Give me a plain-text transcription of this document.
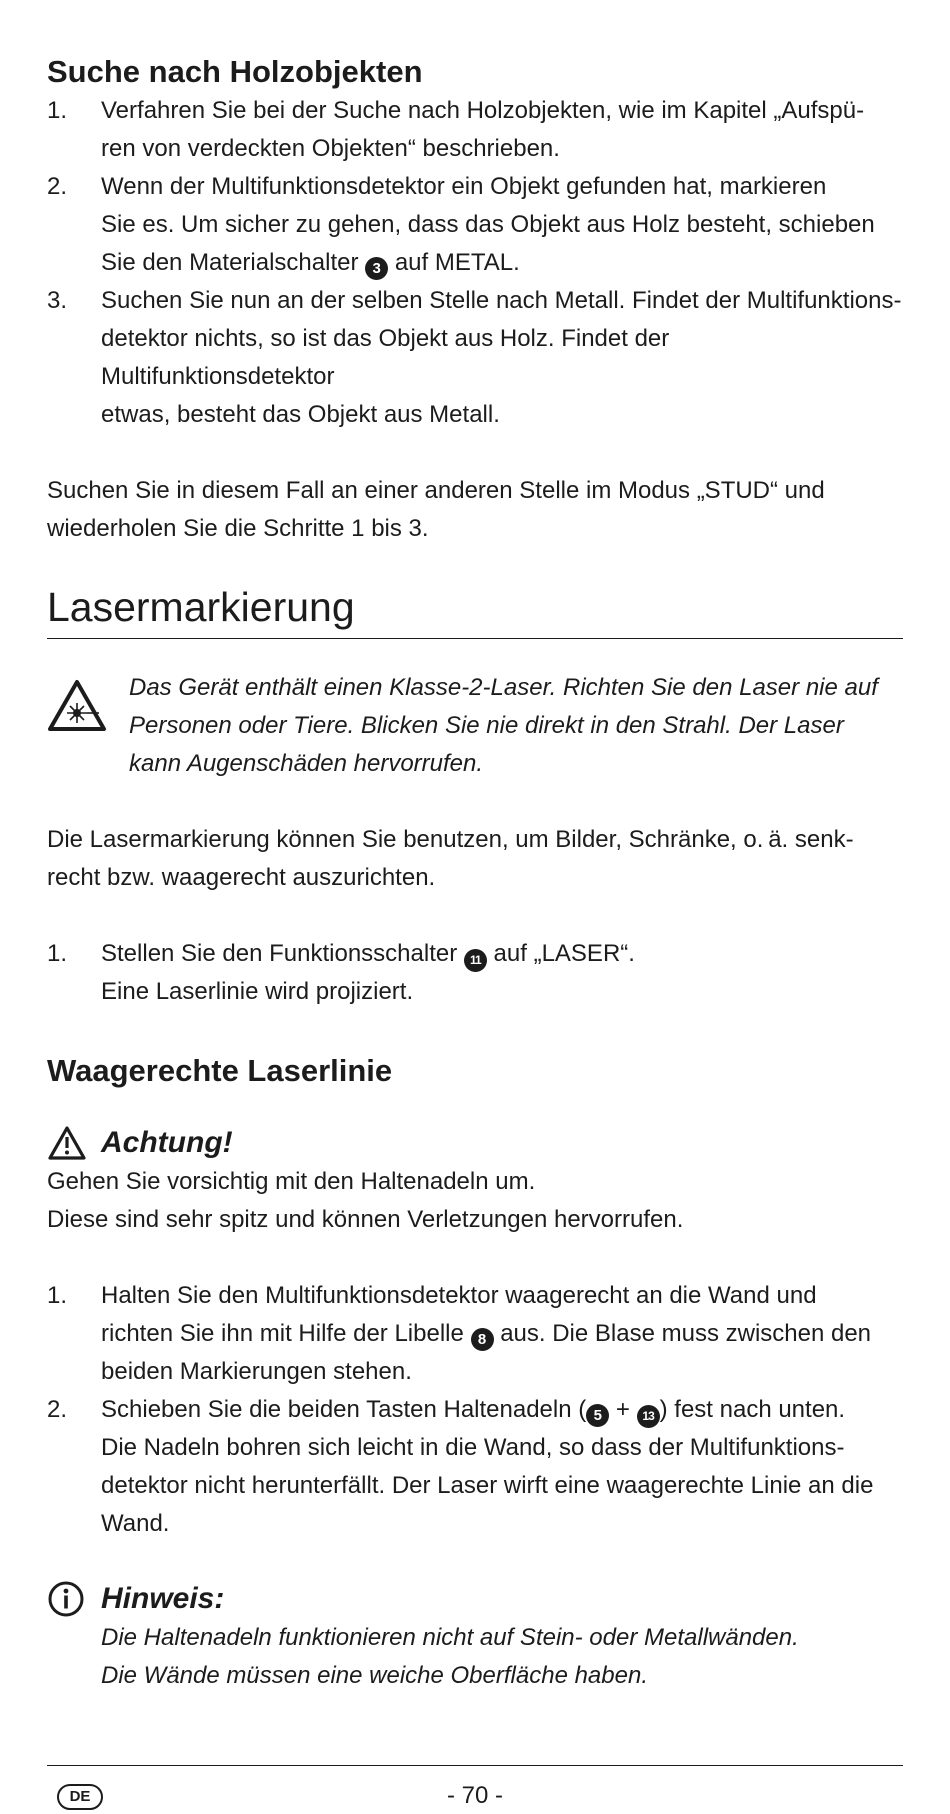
Suche nach Holzobjekten
1.	Verfahren Sie bei der Suche nach Holzobjekten, wie im Kapitel „Aufspü-
ren von verdeckten Objekten“ beschrieben.
2.	Wenn der Multifunktionsdetektor ein Objekt gefunden hat, markieren
Sie es. Um sicher zu gehen, dass das Objekt aus Holz besteht, schieben
Sie den Materialschalter 3 auf METAL.
3.	Suchen Sie nun an der selben Stelle nach Metall. Findet der Multifunktions-
detektor nichts, so ist das Objekt aus Holz. Findet der Multifunktionsdetektor
etwas, besteht das Objekt aus Metall.

Suchen Sie in diesem Fall an einer anderen Stelle im Modus „STUD“ und
wiederholen Sie die Schritte 1 bis 3.

Lasermarkierung
Das Gerät enthält einen Klasse-2-Laser. Richten Sie den Laser nie auf
Personen oder Tiere. Blicken Sie nie direkt in den Strahl. Der Laser
kann Augenschäden hervorrufen.

Die Lasermarkierung können Sie benutzen, um Bilder, Schränke, o. ä. senk-
recht bzw. waagerecht auszurichten.

1.	Stellen Sie den Funktionsschalter 11 auf „LASER“.
Eine Laserlinie wird projiziert.
Waagerechte Laserlinie
Achtung!

Gehen Sie vorsichtig mit den Haltenadeln um.
Diese sind sehr spitz und können Verletzungen hervorrufen.

1.	Halten Sie den Multifunktionsdetektor waagerecht an die Wand und
richten Sie ihn mit Hilfe der Libelle 8 aus. Die Blase muss zwischen den
beiden Markierungen stehen.
2.	Schieben Sie die beiden Tasten Haltenadeln ( 5 + 13 ) fest nach unten.
Die Nadeln bohren sich leicht in die Wand, so dass der Multifunktions-
detektor nicht herunterfällt. Der Laser wirft eine waagerechte Linie an die
Wand.
Hinweis:

Die Haltenadeln funktionieren nicht auf Stein- oder Metallwänden.
Die Wände müssen eine weiche Oberfläche haben.

DE	- 70 -
